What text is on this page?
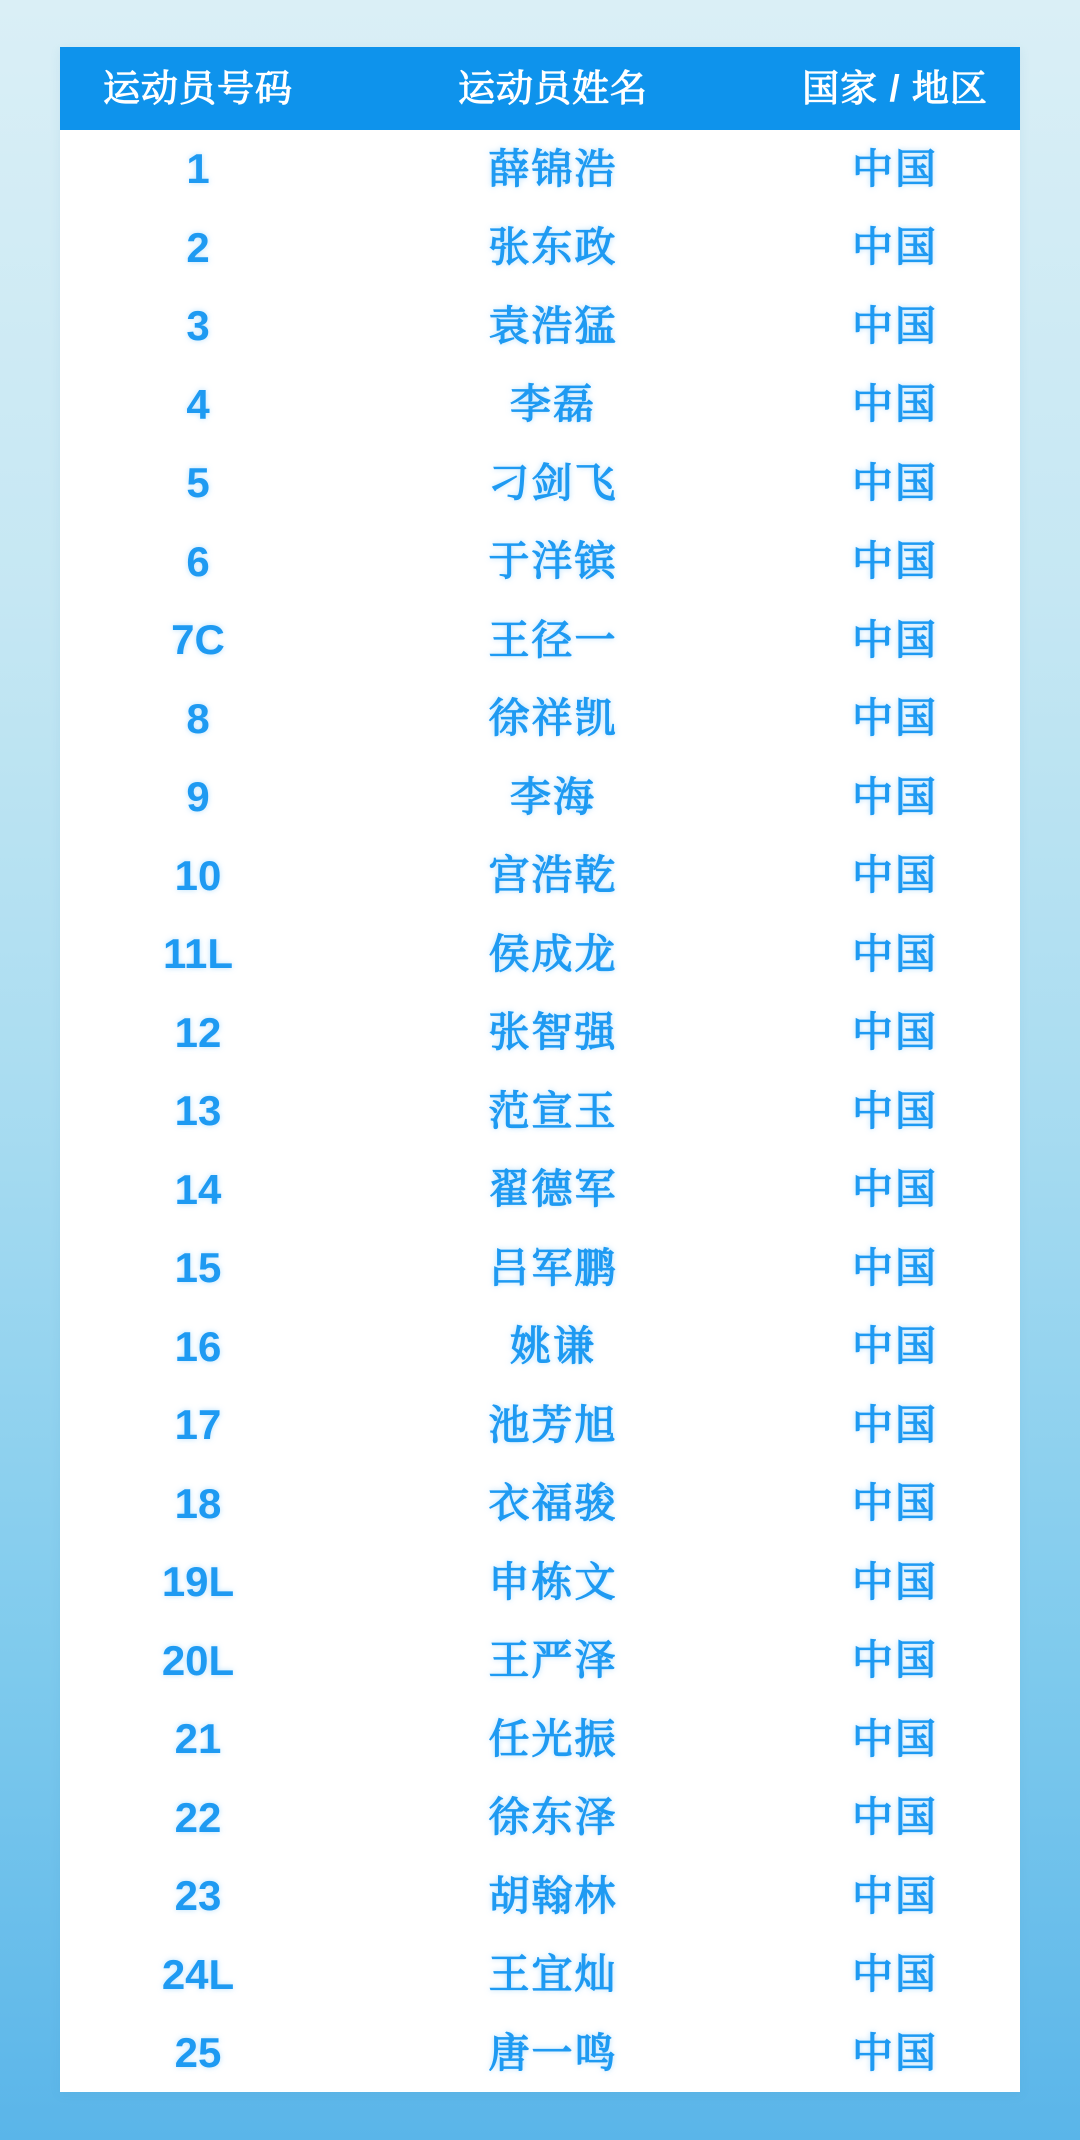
运动员号码	运动员姓名	国家 / 地区
1	薛锦浩	中国
2	张东政	中国
3	袁浩猛	中国
4	李磊	中国
5	刁剑飞	中国
6	于洋镔	中国
7C	王径一	中国
8	徐祥凯	中国
9	李海	中国
10	宫浩乾	中国
11L	侯成龙	中国
12	张智强	中国
13	范宣玉	中国
14	翟德军	中国
15	吕军鹏	中国
16	姚谦	中国
17	池芳旭	中国
18	衣福骏	中国
19L	申栋文	中国
20L	王严泽	中国
21	任光振	中国
22	徐东泽	中国
23	胡翰林	中国
24L	王宜灿	中国
25	唐一鸣	中国
